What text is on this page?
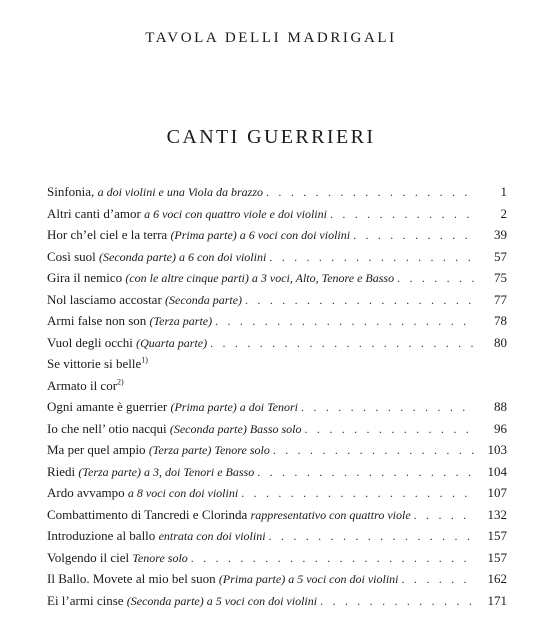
TAVOLA DELLI MADRIGALI
CANTI GUERRIERI
Sinfonia, a doi violini e una Viola da brazzo . . .	1
Altri canti d’amor a 6 voci con quattro viole e doi violini . . .	2
Hor ch’el ciel e la terra (Prima parte) a 6 voci con doi violini . . .	39
Così suol (Seconda parte) a 6 con doi violini . . .	57
Gira il nemico (con le altre cinque parti) a 3 voci, Alto, Tenore e Basso . . .	75
Nol lasciamo accostar (Seconda parte) . . .	77
Armi false non son (Terza parte) . . .	78
Vuol degli occhi (Quarta parte) . . .	80
Se vittorie si belle$^{1)}$
Armato il cor$^{2)}$
Ogni amante è guerrier (Prima parte) a doi Tenori . . .	88
Io che nell’ otio nacqui (Seconda parte) Basso solo . . .	96
Ma per quel ampio (Terza parte) Tenore solo . . .	103
Riedi (Terza parte) a 3, doi Tenori e Basso . . .	104
Ardo avvampo a 8 voci con doi violini . . .	107
Combattimento di Tancredi e Clorinda rappresentativo con quattro viole . . .	132
Introduzione al ballo entrata con doi violini . . .	157
Volgendo il ciel Tenore solo . . .	157
Il Ballo. Movete al mio bel suon (Prima parte) a 5 voci con doi violini . . .	162
Ei l’armi cinse (Seconda parte) a 5 voci con doi violini . . .	171
